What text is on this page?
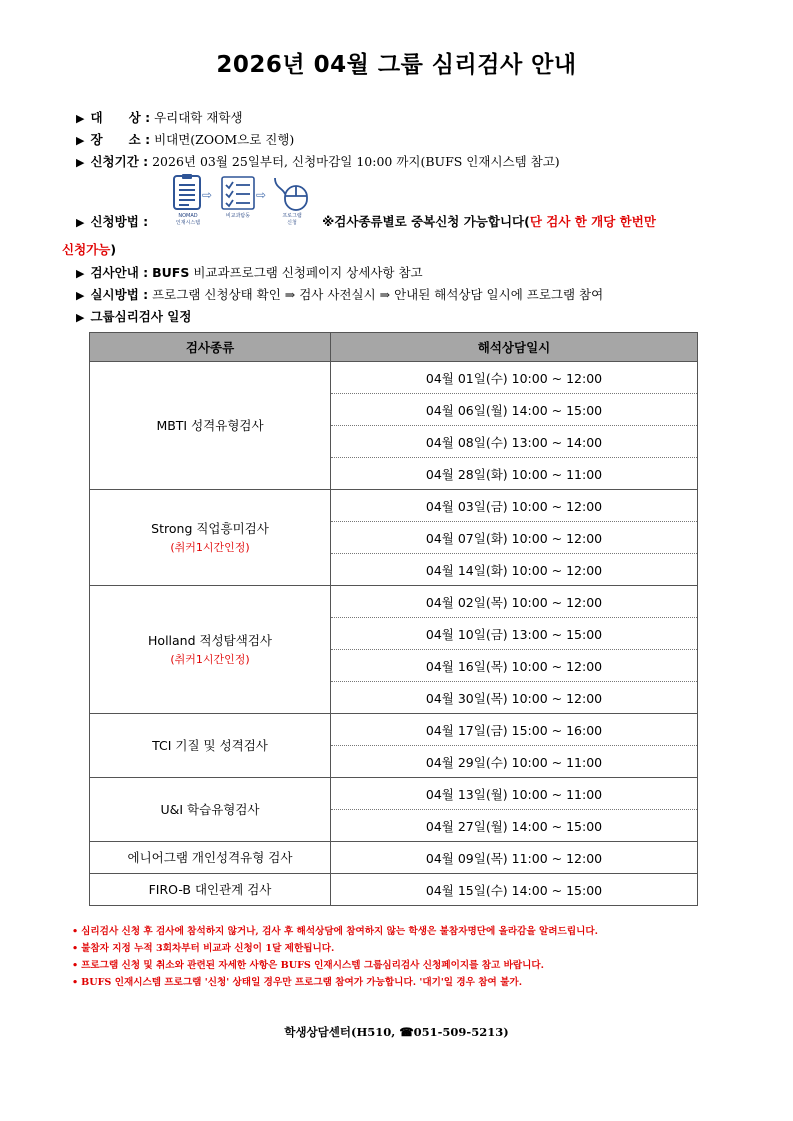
2026년 04월 그룹 심리검사 안내
▶ 대      상 : 우리대학 재학생
▶ 장      소 : 비대면(ZOOM으로 진행)
▶ 신청기간 : 2026년 03월 25일부터, 신청마감일 10:00 까지(BUFS 인재시스템 참고)
NOMAD
인재시스템
⇨
비교과탐동
⇨
프로그램
신청
▶ 신청방법 :	※검사종류별로 중복신청 가능합니다(단 검사 한 개당 한번만
신청가능)
▶ 검사안내 : BUFS 비교과프로그램 신청페이지 상세사항 참고
▶ 실시방법 : 프로그램 신청상태 확인 ⇒ 검사 사전실시 ⇒ 안내된 해석상담 일시에 프로그램 참여
▶ 그룹심리검사 일정
검사종류	해석상담일시

MBTI 성격유형검사	04월 01일(수) 10:00 ~ 12:00
	04월 06일(월) 14:00 ~ 15:00
	04월 08일(수) 13:00 ~ 14:00
	04월 28일(화) 10:00 ~ 11:00

Strong 직업흥미검사
(취커1시간인정)	04월 03일(금) 10:00 ~ 12:00
	04월 07일(화) 10:00 ~ 12:00
	04월 14일(화) 10:00 ~ 12:00

Holland 적성탐색검사
(취커1시간인정)	04월 02일(목) 10:00 ~ 12:00
	04월 10일(금) 13:00 ~ 15:00
	04월 16일(목) 10:00 ~ 12:00
	04월 30일(목) 10:00 ~ 12:00

TCI 기질 및 성격검사	04월 17일(금) 15:00 ~ 16:00
	04월 29일(수) 10:00 ~ 11:00

U&I 학습유형검사	04월 13일(월) 10:00 ~ 11:00
	04월 27일(월) 14:00 ~ 15:00

에니어그램 개인성격유형 검사	04월 09일(목) 11:00 ~ 12:00

FIRO-B 대인관계 검사	04월 15일(수) 14:00 ~ 15:00
• 심리검사 신청 후 검사에 참석하지 않거나, 검사 후 해석상담에 참여하지 않는 학생은 불참자명단에 올라감을 알려드립니다.
• 불참자 지정 누적 3회차부터 비교과 신청이 1달 제한됩니다.
• 프로그램 신청 및 취소와 관련된 자세한 사항은 BUFS 인재시스템 그룹심리검사 신청페이지를 참고 바랍니다.
• BUFS 인재시스템 프로그램 '신청' 상태일 경우만 프로그램 참여가 가능합니다. '대기'일 경우 참여 불가.
학생상담센터(H510, ☎051-509-5213)
